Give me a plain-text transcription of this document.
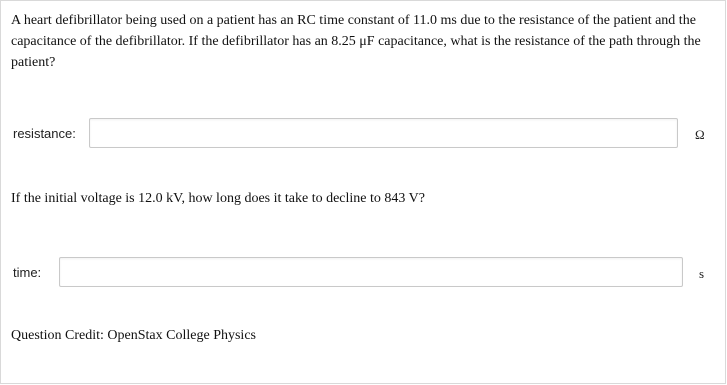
A heart defibrillator being used on a patient has an RC time constant of 11.0 ms due to the resistance of the patient and the capacitance of the defibrillator. If the defibrillator has an 8.25 μF capacitance, what is the resistance of the path through the patient?
resistance:	Ω
If the initial voltage is 12.0 kV, how long does it take to decline to 843 V?
time:	s
Question Credit: OpenStax College Physics
